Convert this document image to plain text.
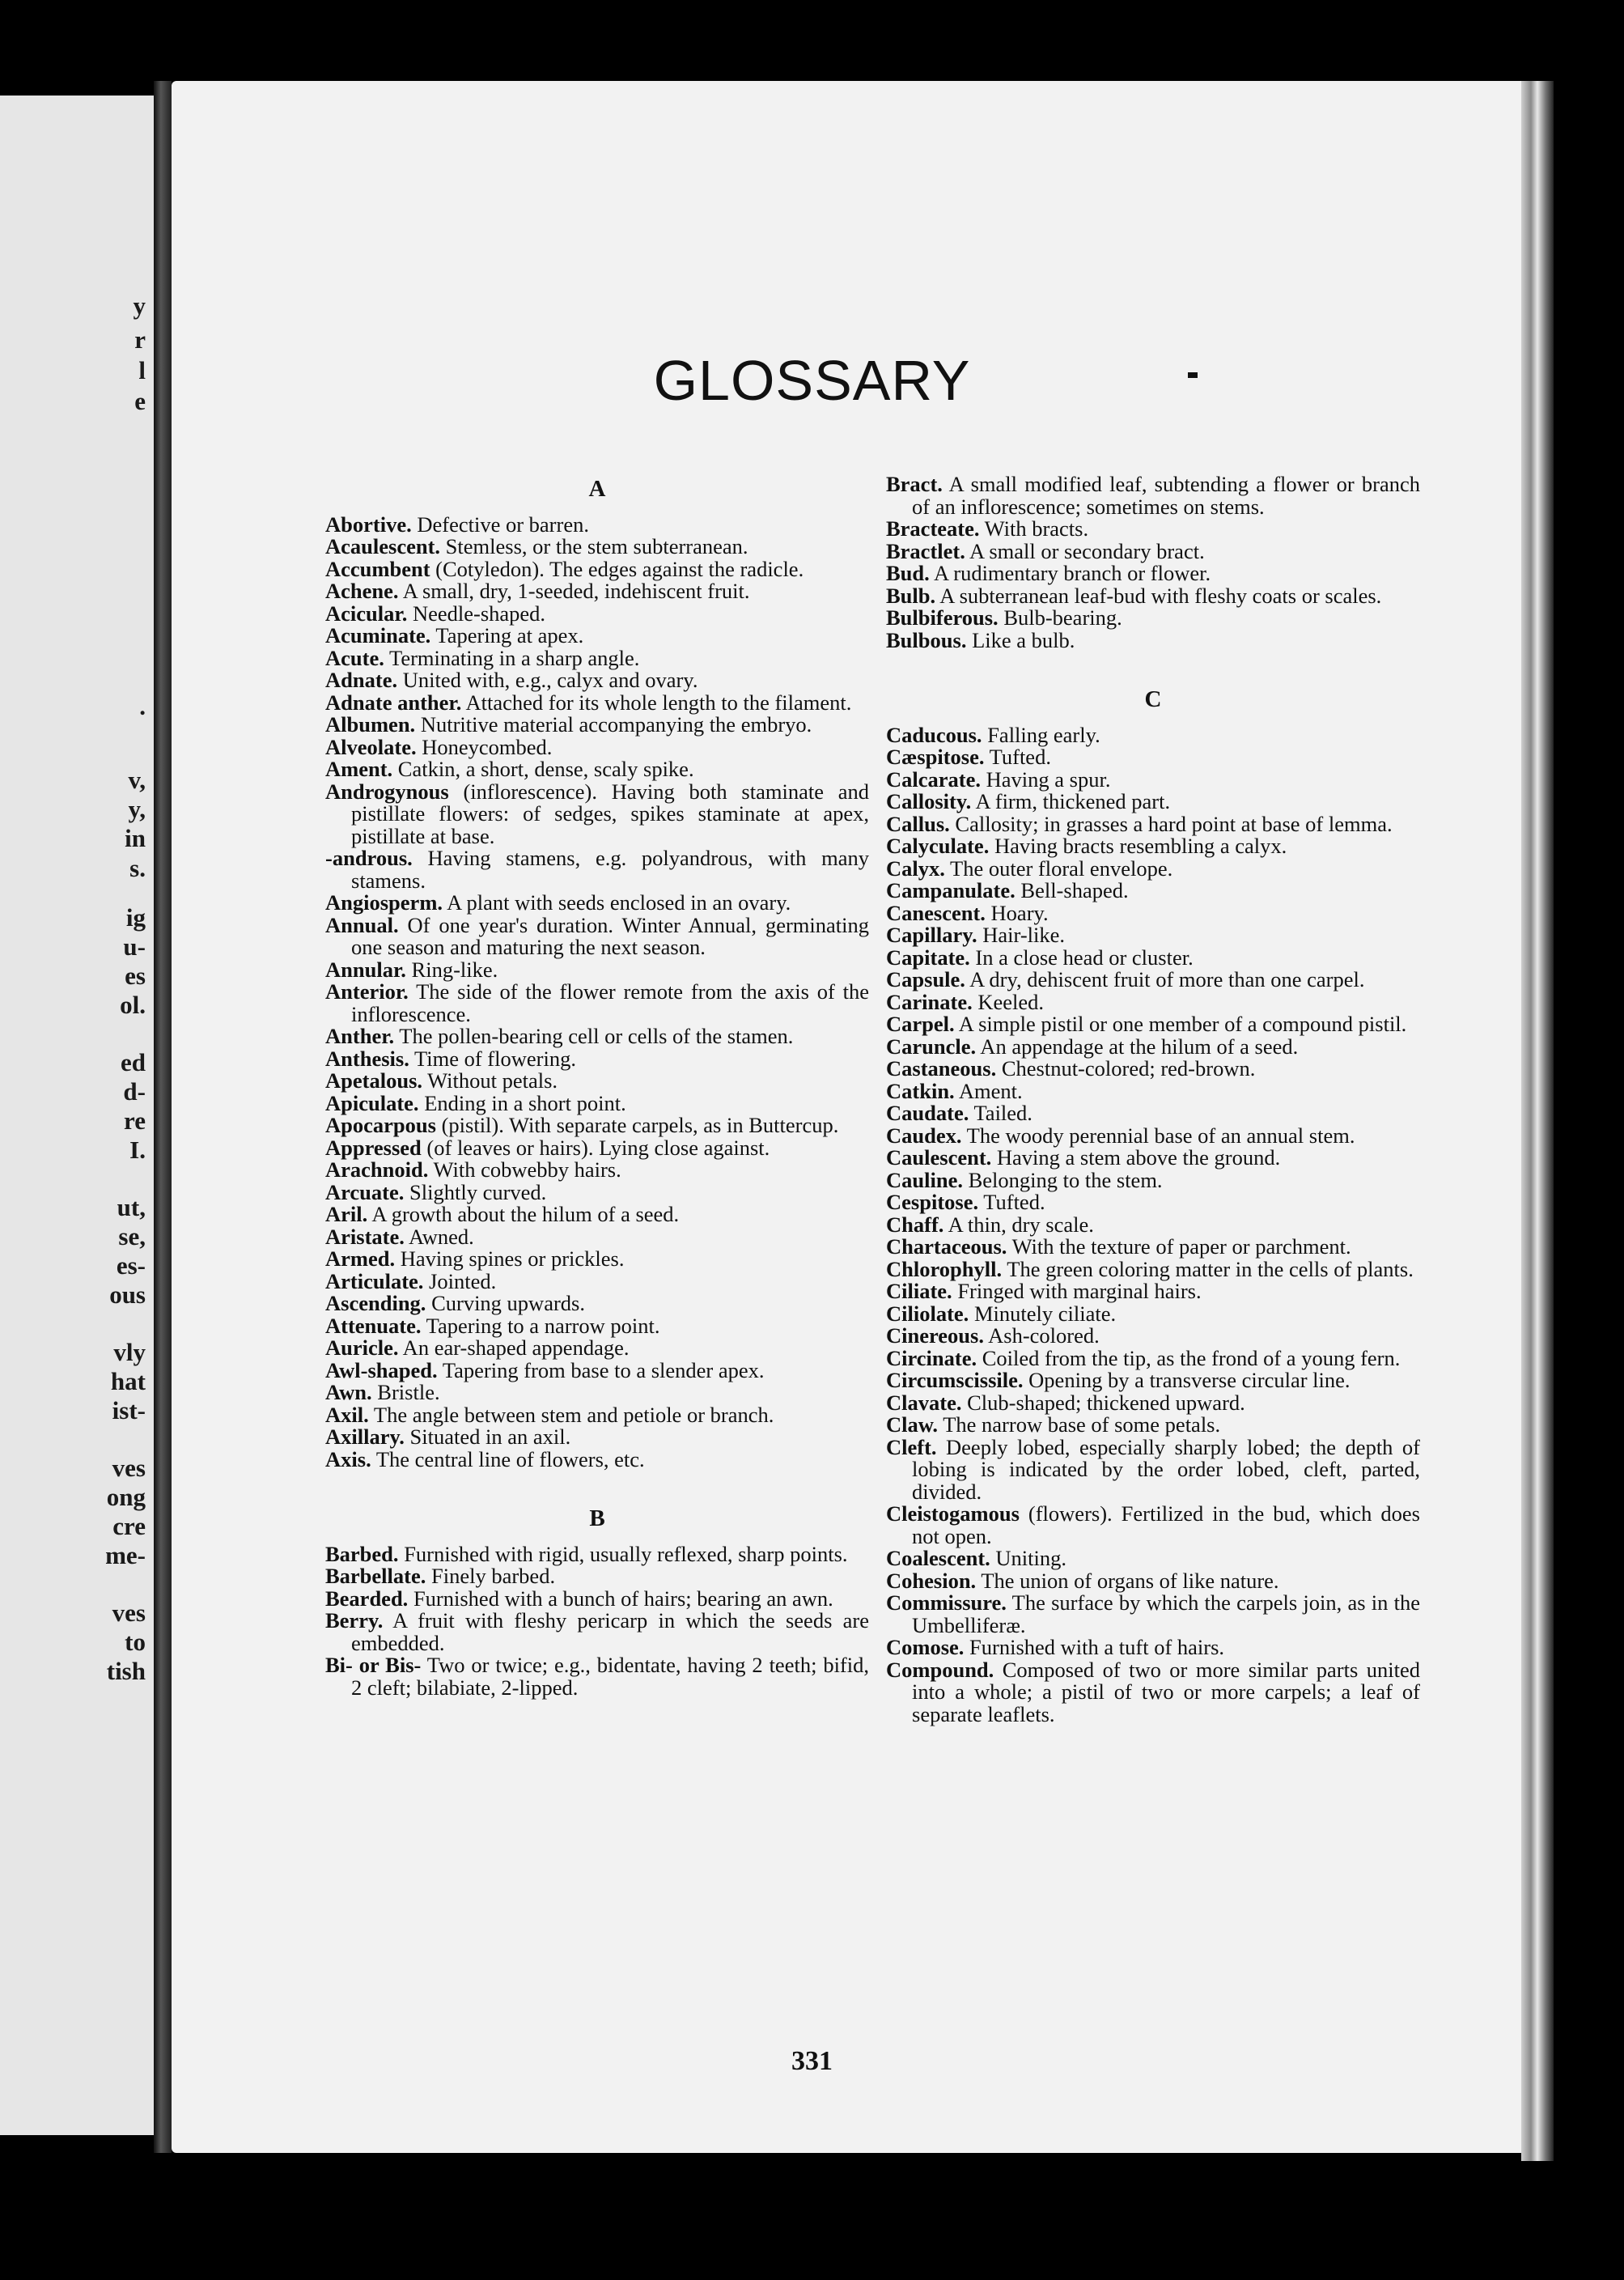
y
r
l
e
.
v,
y,
in
s.
ig
u-
es
ol.
ed
d-
re
I.
ut,
se,
es-
ous
vly
hat
ist-
ves
ong
cre
me-
ves
to
tish
GLOSSARY
A

Abortive. Defective or barren.

Acaulescent. Stemless, or the stem subterranean.

Accumbent (Cotyledon). The edges against the radicle.

Achene. A small, dry, 1-seeded, indehiscent fruit.

Acicular. Needle-shaped.

Acuminate. Tapering at apex.

Acute. Terminating in a sharp angle.

Adnate. United with, e.g., calyx and ovary.

Adnate anther. Attached for its whole length to the filament.

Albumen. Nutritive material accompanying the embryo.

Alveolate. Honeycombed.

Ament. Catkin, a short, dense, scaly spike.

Androgynous (inflorescence). Having both staminate and pistillate flowers: of sedges, spikes staminate at apex, pistillate at base.

-androus. Having stamens, e.g. polyandrous, with many stamens.

Angiosperm. A plant with seeds enclosed in an ovary.

Annual. Of one year's duration. Winter Annual, germinating one season and maturing the next season.

Annular. Ring-like.

Anterior. The side of the flower remote from the axis of the inflorescence.

Anther. The pollen-bearing cell or cells of the stamen.

Anthesis. Time of flowering.

Apetalous. Without petals.

Apiculate. Ending in a short point.

Apocarpous (pistil). With separate carpels, as in Buttercup.

Appressed (of leaves or hairs). Lying close against.

Arachnoid. With cobwebby hairs.

Arcuate. Slightly curved.

Aril. A growth about the hilum of a seed.

Aristate. Awned.

Armed. Having spines or prickles.

Articulate. Jointed.

Ascending. Curving upwards.

Attenuate. Tapering to a narrow point.

Auricle. An ear-shaped appendage.

Awl-shaped. Tapering from base to a slender apex.

Awn. Bristle.

Axil. The angle between stem and petiole or branch.

Axillary. Situated in an axil.

Axis. The central line of flowers, etc.

B

Barbed. Furnished with rigid, usually reflexed, sharp points.

Barbellate. Finely barbed.

Bearded. Furnished with a bunch of hairs; bearing an awn.

Berry. A fruit with fleshy pericarp in which the seeds are embedded.

Bi- or Bis- Two or twice; e.g., bidentate, having 2 teeth; bifid, 2 cleft; bilabiate, 2-lipped.

Bract. A small modified leaf, subtending a flower or branch of an inflorescence; sometimes on stems.

Bracteate. With bracts.

Bractlet. A small or secondary bract.

Bud. A rudimentary branch or flower.

Bulb. A subterranean leaf-bud with fleshy coats or scales.

Bulbiferous. Bulb-bearing.

Bulbous. Like a bulb.

C

Caducous. Falling early.

Cæspitose. Tufted.

Calcarate. Having a spur.

Callosity. A firm, thickened part.

Callus. Callosity; in grasses a hard point at base of lemma.

Calyculate. Having bracts resembling a calyx.

Calyx. The outer floral envelope.

Campanulate. Bell-shaped.

Canescent. Hoary.

Capillary. Hair-like.

Capitate. In a close head or cluster.

Capsule. A dry, dehiscent fruit of more than one carpel.

Carinate. Keeled.

Carpel. A simple pistil or one member of a compound pistil.

Caruncle. An appendage at the hilum of a seed.

Castaneous. Chestnut-colored; red-brown.

Catkin. Ament.

Caudate. Tailed.

Caudex. The woody perennial base of an annual stem.

Caulescent. Having a stem above the ground.

Cauline. Belonging to the stem.

Cespitose. Tufted.

Chaff. A thin, dry scale.

Chartaceous. With the texture of paper or parchment.

Chlorophyll. The green coloring matter in the cells of plants.

Ciliate. Fringed with marginal hairs.

Ciliolate. Minutely ciliate.

Cinereous. Ash-colored.

Circinate. Coiled from the tip, as the frond of a young fern.

Circumscissile. Opening by a transverse circular line.

Clavate. Club-shaped; thickened upward.

Claw. The narrow base of some petals.

Cleft. Deeply lobed, especially sharply lobed; the depth of lobing is indicated by the order lobed, cleft, parted, divided.

Cleistogamous (flowers). Fertilized in the bud, which does not open.

Coalescent. Uniting.

Cohesion. The union of organs of like nature.

Commissure. The surface by which the carpels join, as in the Umbelliferæ.

Comose. Furnished with a tuft of hairs.

Compound. Composed of two or more similar parts united into a whole; a pistil of two or more carpels; a leaf of separate leaflets.

331
